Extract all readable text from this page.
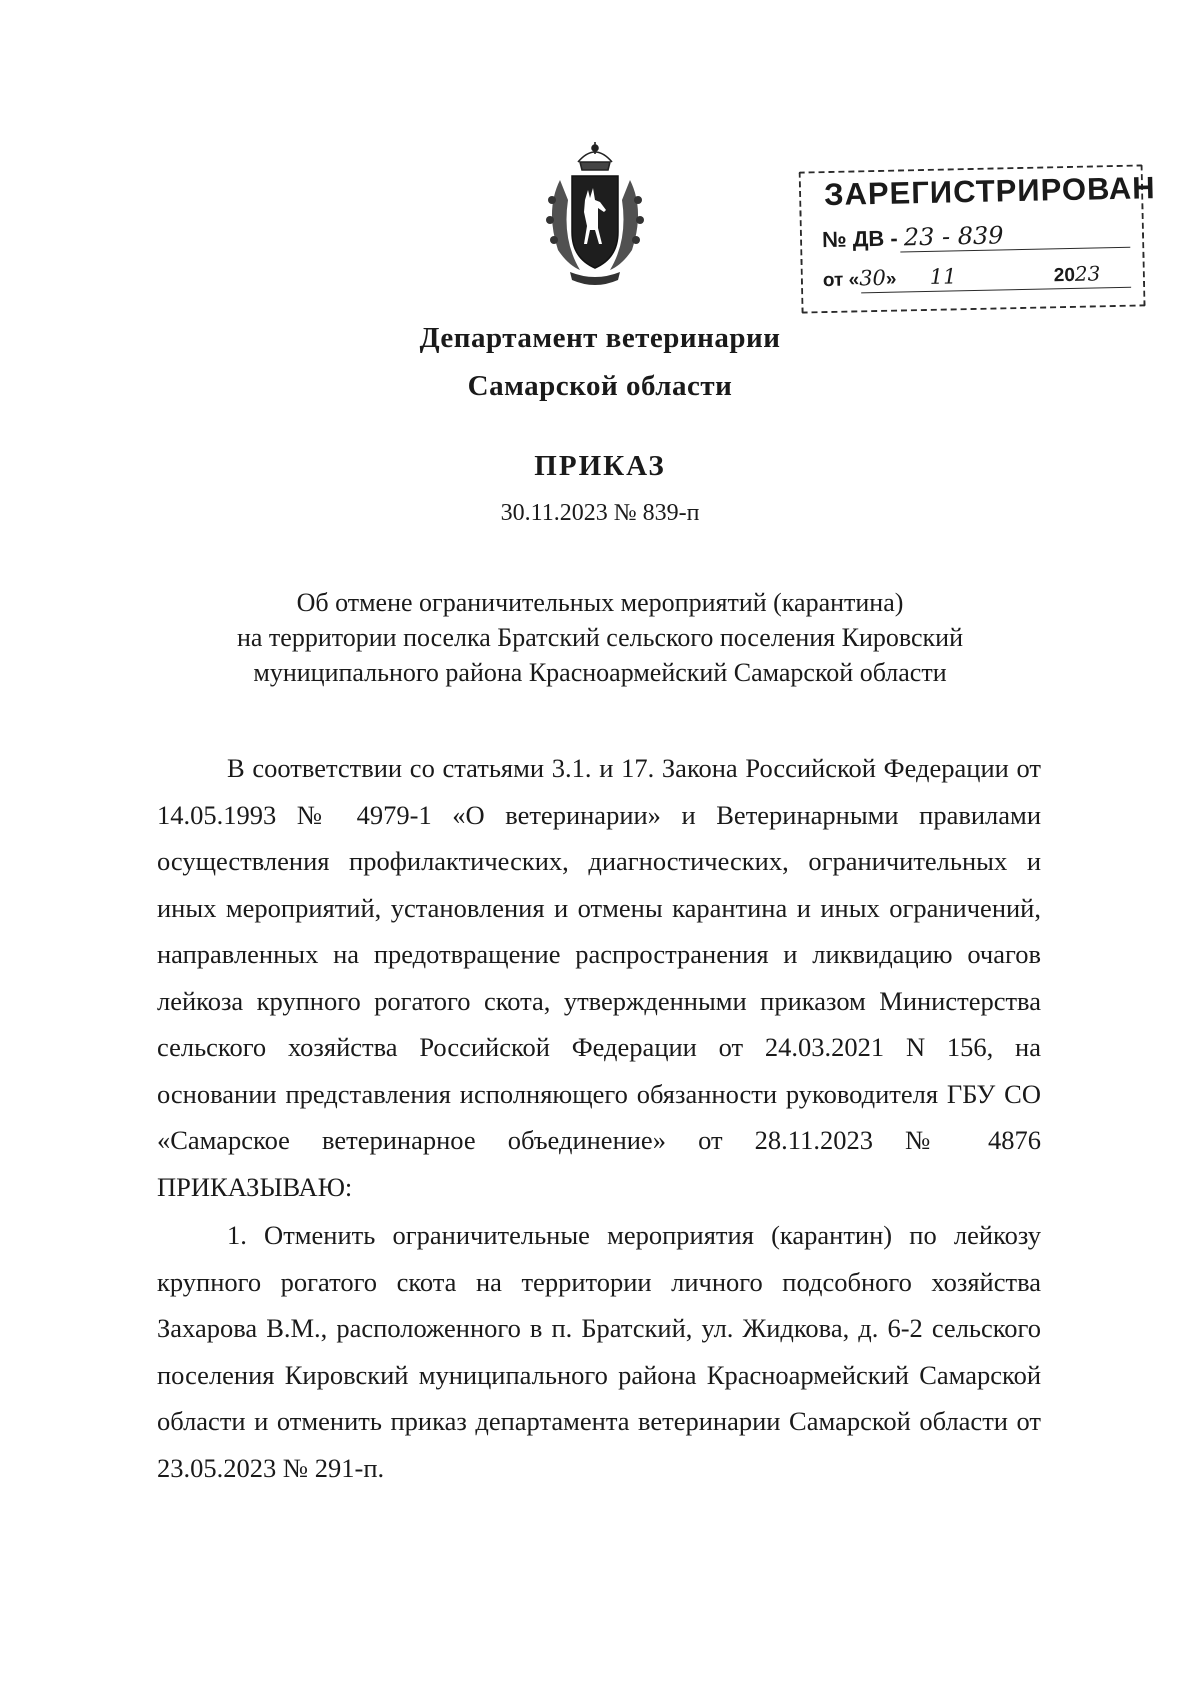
ЗАРЕГИСТРИРОВАН
№ ДВ - 23 - 839
от «30» 11	2023
Департамент ветеринарии
Самарской области
ПРИКАЗ
30.11.2023 № 839-п
Об отмене ограничительных мероприятий (карантина)
на территории поселка Братский сельского поселения Кировский
муниципального района Красноармейский Самарской области

В соответствии со статьями 3.1. и 17. Закона Российской Федерации от 14.05.1993 № 4979-1 «О ветеринарии» и Ветеринарными правилами осуществления профилактических, диагностических, ограничительных и иных мероприятий, установления и отмены карантина и иных ограничений, направленных на предотвращение распространения и ликвидацию очагов лейкоза крупного рогатого скота, утвержденными приказом Министерства сельского хозяйства Российской Федерации от 24.03.2021 N 156, на основании представления исполняющего обязанности руководителя ГБУ СО «Самарское ветеринарное объединение» от 28.11.2023 № 4876 ПРИКАЗЫВАЮ:

1. Отменить ограничительные мероприятия (карантин) по лейкозу крупного рогатого скота на территории личного подсобного хозяйства Захарова В.М., расположенного в п. Братский, ул. Жидкова, д. 6-2 сельского поселения Кировский муниципального района Красноармейский Самарской области и отменить приказ департамента ветеринарии Самарской области от 23.05.2023 № 291-п.
